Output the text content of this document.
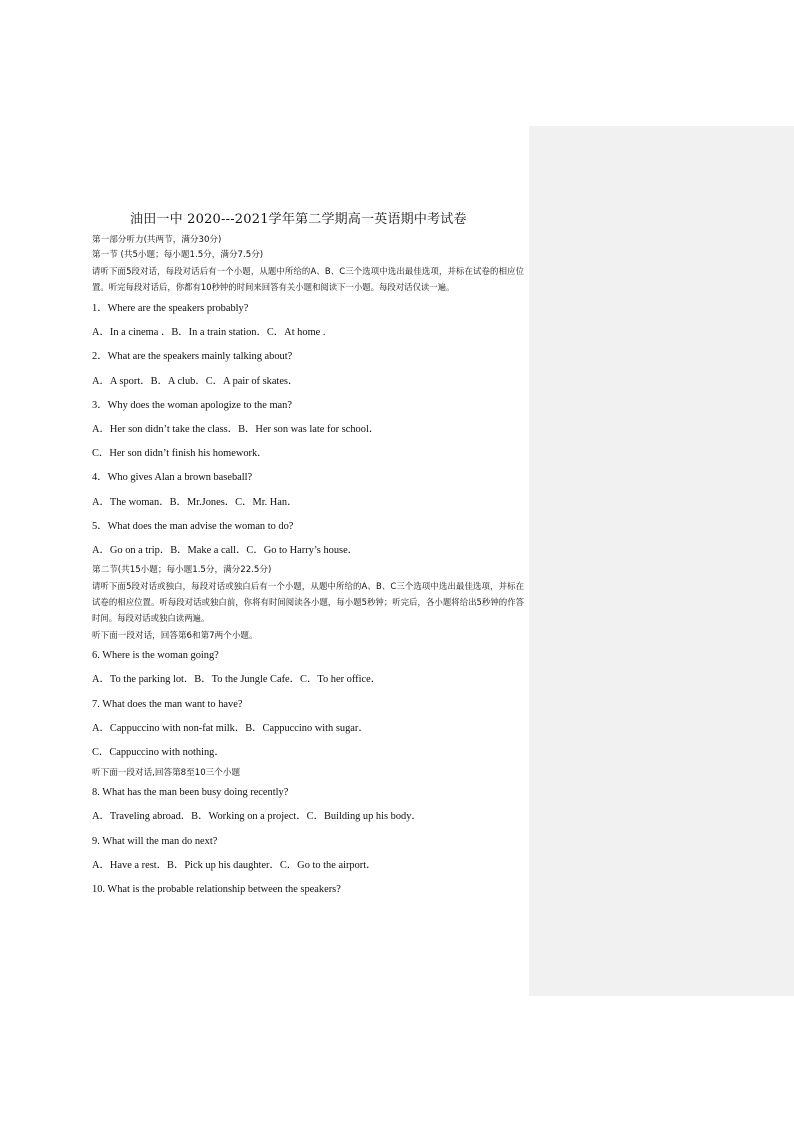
油田一中 2020---2021学年第二学期高一英语期中考试卷

第一部分听力(共两节，满分30分)

第一节 (共5小题；每小题1.5分，满分7.5分)

请听下面5段对话，每段对话后有一个小题，从题中所给的A、B、C三个选项中选出最佳选项，并标在试卷的相应位置。听完每段对话后，你都有10秒钟的时间来回答有关小题和阅读下一小题。每段对话仅读一遍。

1．Where are the speakers probably?

A．In a cinema ．B．In a train station．C．At home .

2．What are the speakers mainly talking about?

A．A sport．B．A club．C．A pair of skates．

3．Why does the woman apologize to the man?

A．Her son didn’t take the class．B．Her son was late for school．

C．Her son didn’t finish his homework．

4．Who gives Alan a brown baseball?

A．The woman．B．Mr.Jones．C．Mr. Han．

5．What does the man advise the woman to do?

A．Go on a trip．B．Make a call．C．Go to Harry’s house．

第二节(共15小题；每小题1.5分，满分22.5分)

请听下面5段对话或独白，每段对话或独白后有一个小题，从题中所给的A、B、C三个选项中选出最佳选项，并标在试卷的相应位置。听每段对话或独白前，你将有时间阅读各小题，每小题5秒钟；听完后，各小题将给出5秒钟的作答时间。每段对话或独白读两遍。

听下面一段对话，回答第6和第7两个小题。

6. Where is the woman going?

A．To the parking lot．B．To the Jungle Cafe．C．To her office．

7. What does the man want to have?

A．Cappuccino with non-fat milk．B．Cappuccino with sugar．

C．Cappuccino with nothing．

听下面一段对话,回答第8至10三个小题

8. What has the man been busy doing recently?

A．Traveling abroad．B．Working on a project．C．Building up his body．

9. What will the man do next?

A．Have a rest．B．Pick up his daughter．C．Go to the airport．

10. What is the probable relationship between the speakers?
